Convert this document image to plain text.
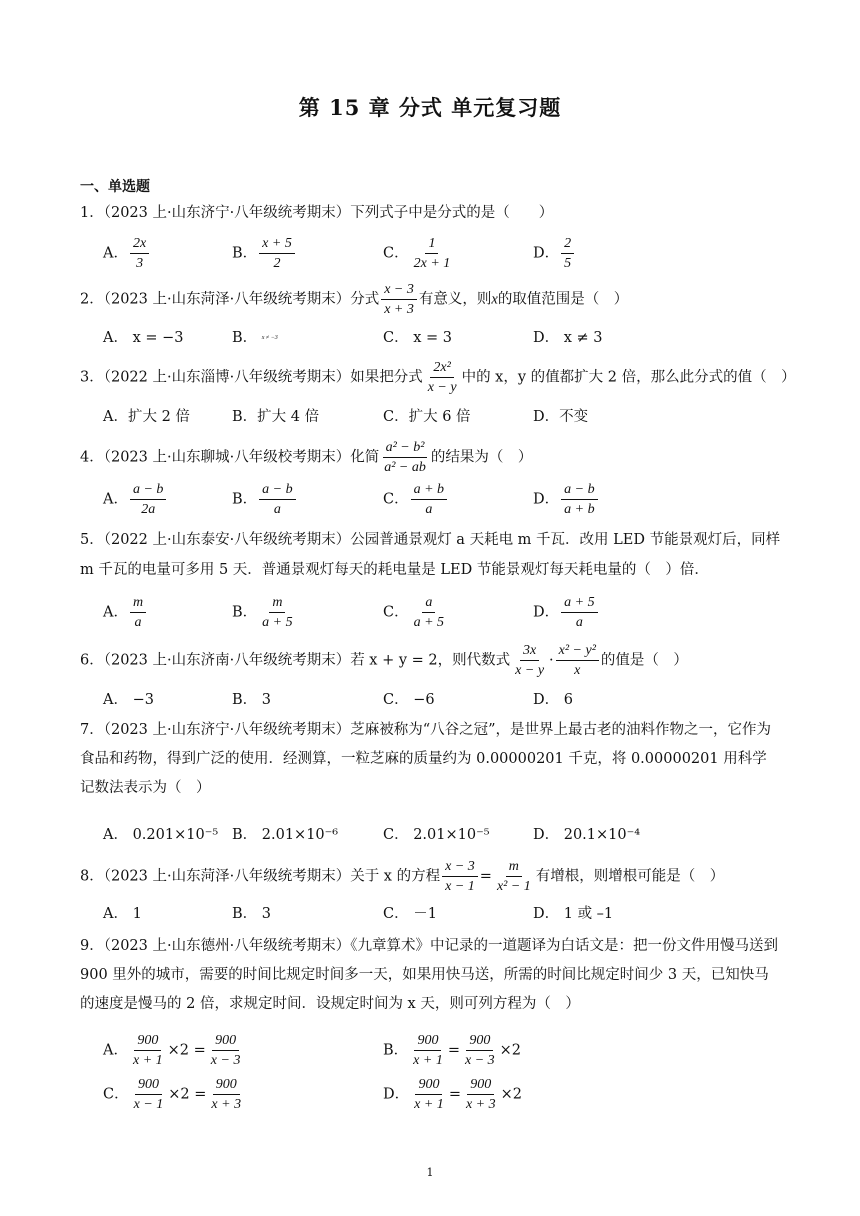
第 15 章 分式 单元复习题
一、单选题
1．（2023 上·山东济宁·八年级统考期末）下列式子中是分式的是（　　）
A． $\frac{2x}{3}$	B． $\frac{x + 5}{2}$	C． $\frac{1}{2x + 1}$	D． $\frac{2}{5}$
2．（2023 上·山东菏泽·八年级统考期末）分式 $\frac{x - 3}{x + 3}$ 有意义，则x的取值范围是（　）
A． x = −3	B． x ≠ −3	C． x = 3	D． x ≠ 3
3．（2022 上·山东淄博·八年级统考期末）如果把分式 $\frac{\text{2x²}}{x - y}$ 中的 x，y 的值都扩大 2 倍，那么此分式的值（　）
A．扩大 2 倍	B．扩大 4 倍	C．扩大 6 倍	D．不变
4．（2023 上·山东聊城·八年级校考期末）化简 $\frac{\text{a² − b²}}{\text{a² − ab}}$ 的结果为（　）
A． $\frac{a - b}{2a}$	B． $\frac{a - b}{a}$	C． $\frac{a + b}{a}$	D． $\frac{a - b}{a + b}$
5．（2022 上·山东泰安·八年级统考期末）公园普通景观灯 a 天耗电 m 千瓦．改用 LED 节能景观灯后，同样
m 千瓦的电量可多用 5 天．普通景观灯每天的耗电量是 LED 节能景观灯每天耗电量的（　）倍．
A． $\frac{m}{a}$	B． $\frac{m}{a + 5}$	C． $\frac{a}{a + 5}$	D． $\frac{a + 5}{a}$
6．（2023 上·山东济南·八年级统考期末）若 x + y = 2，则代数式 $\frac{3x}{x - y} \cdot \frac{\text{x² − y²}}{x}$ 的值是（　）
A． −3	B． 3	C． −6	D． 6
7．（2023 上·山东济宁·八年级统考期末）芝麻被称为“八谷之冠”，是世界上最古老的油料作物之一，它作为食品和药物，得到广泛的使用．经测算，一粒芝麻的质量约为 0.00000201 千克，将 0.00000201 用科学记数法表示为（　）
A． 0.201×10⁻⁵ B． 2.01×10⁻⁶	C． 2.01×10⁻⁵	D． 20.1×10⁻⁴
8．（2023 上·山东菏泽·八年级统考期末）关于 x 的方程 $\frac{x - 3}{x - 1} = \frac{m}{\text{x² − 1}}$ 有增根，则增根可能是（　）
A． 1	B． 3	C． －1	D． 1 或 –1
9．（2023 上·山东德州·八年级统考期末）《九章算术》中记录的一道题译为白话文是：把一份文件用慢马送到 900 里外的城市，需要的时间比规定时间多一天，如果用快马送，所需的时间比规定时间少 3 天，已知快马的速度是慢马的 2 倍，求规定时间．设规定时间为 x 天，则可列方程为（　）
A． $\frac{900}{x + 1} \times 2 = \frac{900}{x - 3}$	B． $\frac{900}{x + 1} = \frac{900}{x - 3} \times 2$
C． $\frac{900}{x - 1} \times 2 = \frac{900}{x + 3}$	D． $\frac{900}{x + 1} = \frac{900}{x + 3} \times 2$
1
